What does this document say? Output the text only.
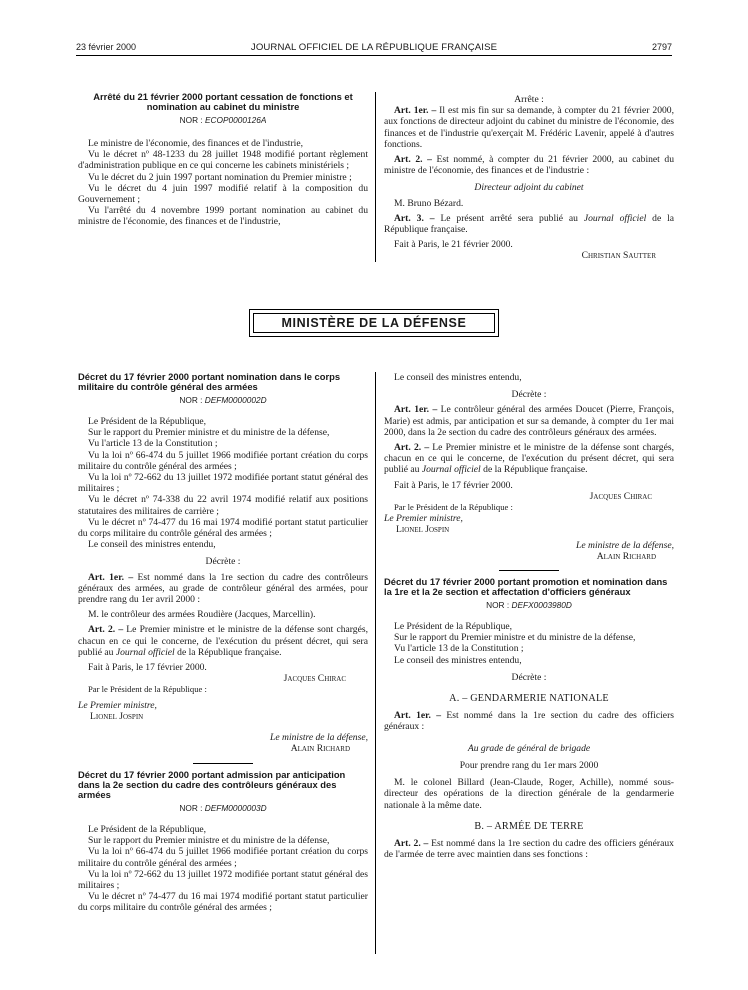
23 février 2000	JOURNAL OFFICIEL DE LA RÉPUBLIQUE FRANÇAISE	2797
Arrêté du 21 février 2000 portant cessation de fonctions et nomination au cabinet du ministre
NOR : ECOP0000126A

Le ministre de l'économie, des finances et de l'industrie,

Vu le décret nº 48-1233 du 28 juillet 1948 modifié portant règlement d'administration publique en ce qui concerne les cabinets ministériels ;

Vu le décret du 2 juin 1997 portant nomination du Premier ministre ;

Vu le décret du 4 juin 1997 modifié relatif à la composition du Gouvernement ;

Vu l'arrêté du 4 novembre 1999 portant nomination au cabinet du ministre de l'économie, des finances et de l'industrie,

Arrête :

Art. 1er. – Il est mis fin sur sa demande, à compter du 21 février 2000, aux fonctions de directeur adjoint du cabinet du ministre de l'économie, des finances et de l'industrie qu'exerçait M. Frédéric Lavenir, appelé à d'autres fonctions.

Art. 2. – Est nommé, à compter du 21 février 2000, au cabinet du ministre de l'économie, des finances et de l'industrie :

Directeur adjoint du cabinet

M. Bruno Bézard.

Art. 3. – Le présent arrêté sera publié au Journal officiel de la République française.

Fait à Paris, le 21 février 2000.

Christian Sautter

MINISTÈRE DE LA DÉFENSE
Décret du 17 février 2000 portant nomination dans le corps militaire du contrôle général des armées
NOR : DEFM0000002D

Le Président de la République,

Sur le rapport du Premier ministre et du ministre de la défense,

Vu l'article 13 de la Constitution ;

Vu la loi nº 66-474 du 5 juillet 1966 modifiée portant création du corps militaire du contrôle général des armées ;

Vu la loi nº 72-662 du 13 juillet 1972 modifiée portant statut général des militaires ;

Vu le décret nº 74-338 du 22 avril 1974 modifié relatif aux positions statutaires des militaires de carrière ;

Vu le décret nº 74-477 du 16 mai 1974 modifié portant statut particulier du corps militaire du contrôle général des armées ;

Le conseil des ministres entendu,

Décrète :

Art. 1er. – Est nommé dans la 1re section du cadre des contrôleurs généraux des armées, au grade de contrôleur général des armées, pour prendre rang du 1er avril 2000 :

M. le contrôleur des armées Roudière (Jacques, Marcellin).

Art. 2. – Le Premier ministre et le ministre de la défense sont chargés, chacun en ce qui le concerne, de l'exécution du présent décret, qui sera publié au Journal officiel de la République française.

Fait à Paris, le 17 février 2000.

Jacques Chirac

Par le Président de la République :

Le Premier ministre,

Lionel Jospin

Le ministre de la défense,

Alain Richard

Décret du 17 février 2000 portant admission par anticipation dans la 2e section du cadre des contrôleurs généraux des armées
NOR : DEFM0000003D

Le Président de la République,

Sur le rapport du Premier ministre et du ministre de la défense,

Vu la loi nº 66-474 du 5 juillet 1966 modifiée portant création du corps militaire du contrôle général des armées ;

Vu la loi nº 72-662 du 13 juillet 1972 modifiée portant statut général des militaires ;

Vu le décret nº 74-477 du 16 mai 1974 modifié portant statut particulier du corps militaire du contrôle général des armées ;

Le conseil des ministres entendu,

Décrète :

Art. 1er. – Le contrôleur général des armées Doucet (Pierre, François, Marie) est admis, par anticipation et sur sa demande, à compter du 1er mai 2000, dans la 2e section du cadre des contrôleurs généraux des armées.

Art. 2. – Le Premier ministre et le ministre de la défense sont chargés, chacun en ce qui le concerne, de l'exécution du présent décret, qui sera publié au Journal officiel de la République française.

Fait à Paris, le 17 février 2000.

Jacques Chirac

Par le Président de la République :

Le Premier ministre,

Lionel Jospin

Le ministre de la défense,

Alain Richard

Décret du 17 février 2000 portant promotion et nomination dans la 1re et la 2e section et affectation d'officiers généraux
NOR : DEFX0003980D

Le Président de la République,

Sur le rapport du Premier ministre et du ministre de la défense,

Vu l'article 13 de la Constitution ;

Le conseil des ministres entendu,

Décrète :

A. – GENDARMERIE NATIONALE

Art. 1er. – Est nommé dans la 1re section du cadre des officiers généraux :

Au grade de général de brigade

Pour prendre rang du 1er mars 2000

M. le colonel Billard (Jean-Claude, Roger, Achille), nommé sous-directeur des opérations de la direction générale de la gendarmerie nationale à la même date.

B. – ARMÉE DE TERRE

Art. 2. – Est nommé dans la 1re section du cadre des officiers généraux de l'armée de terre avec maintien dans ses fonctions :
